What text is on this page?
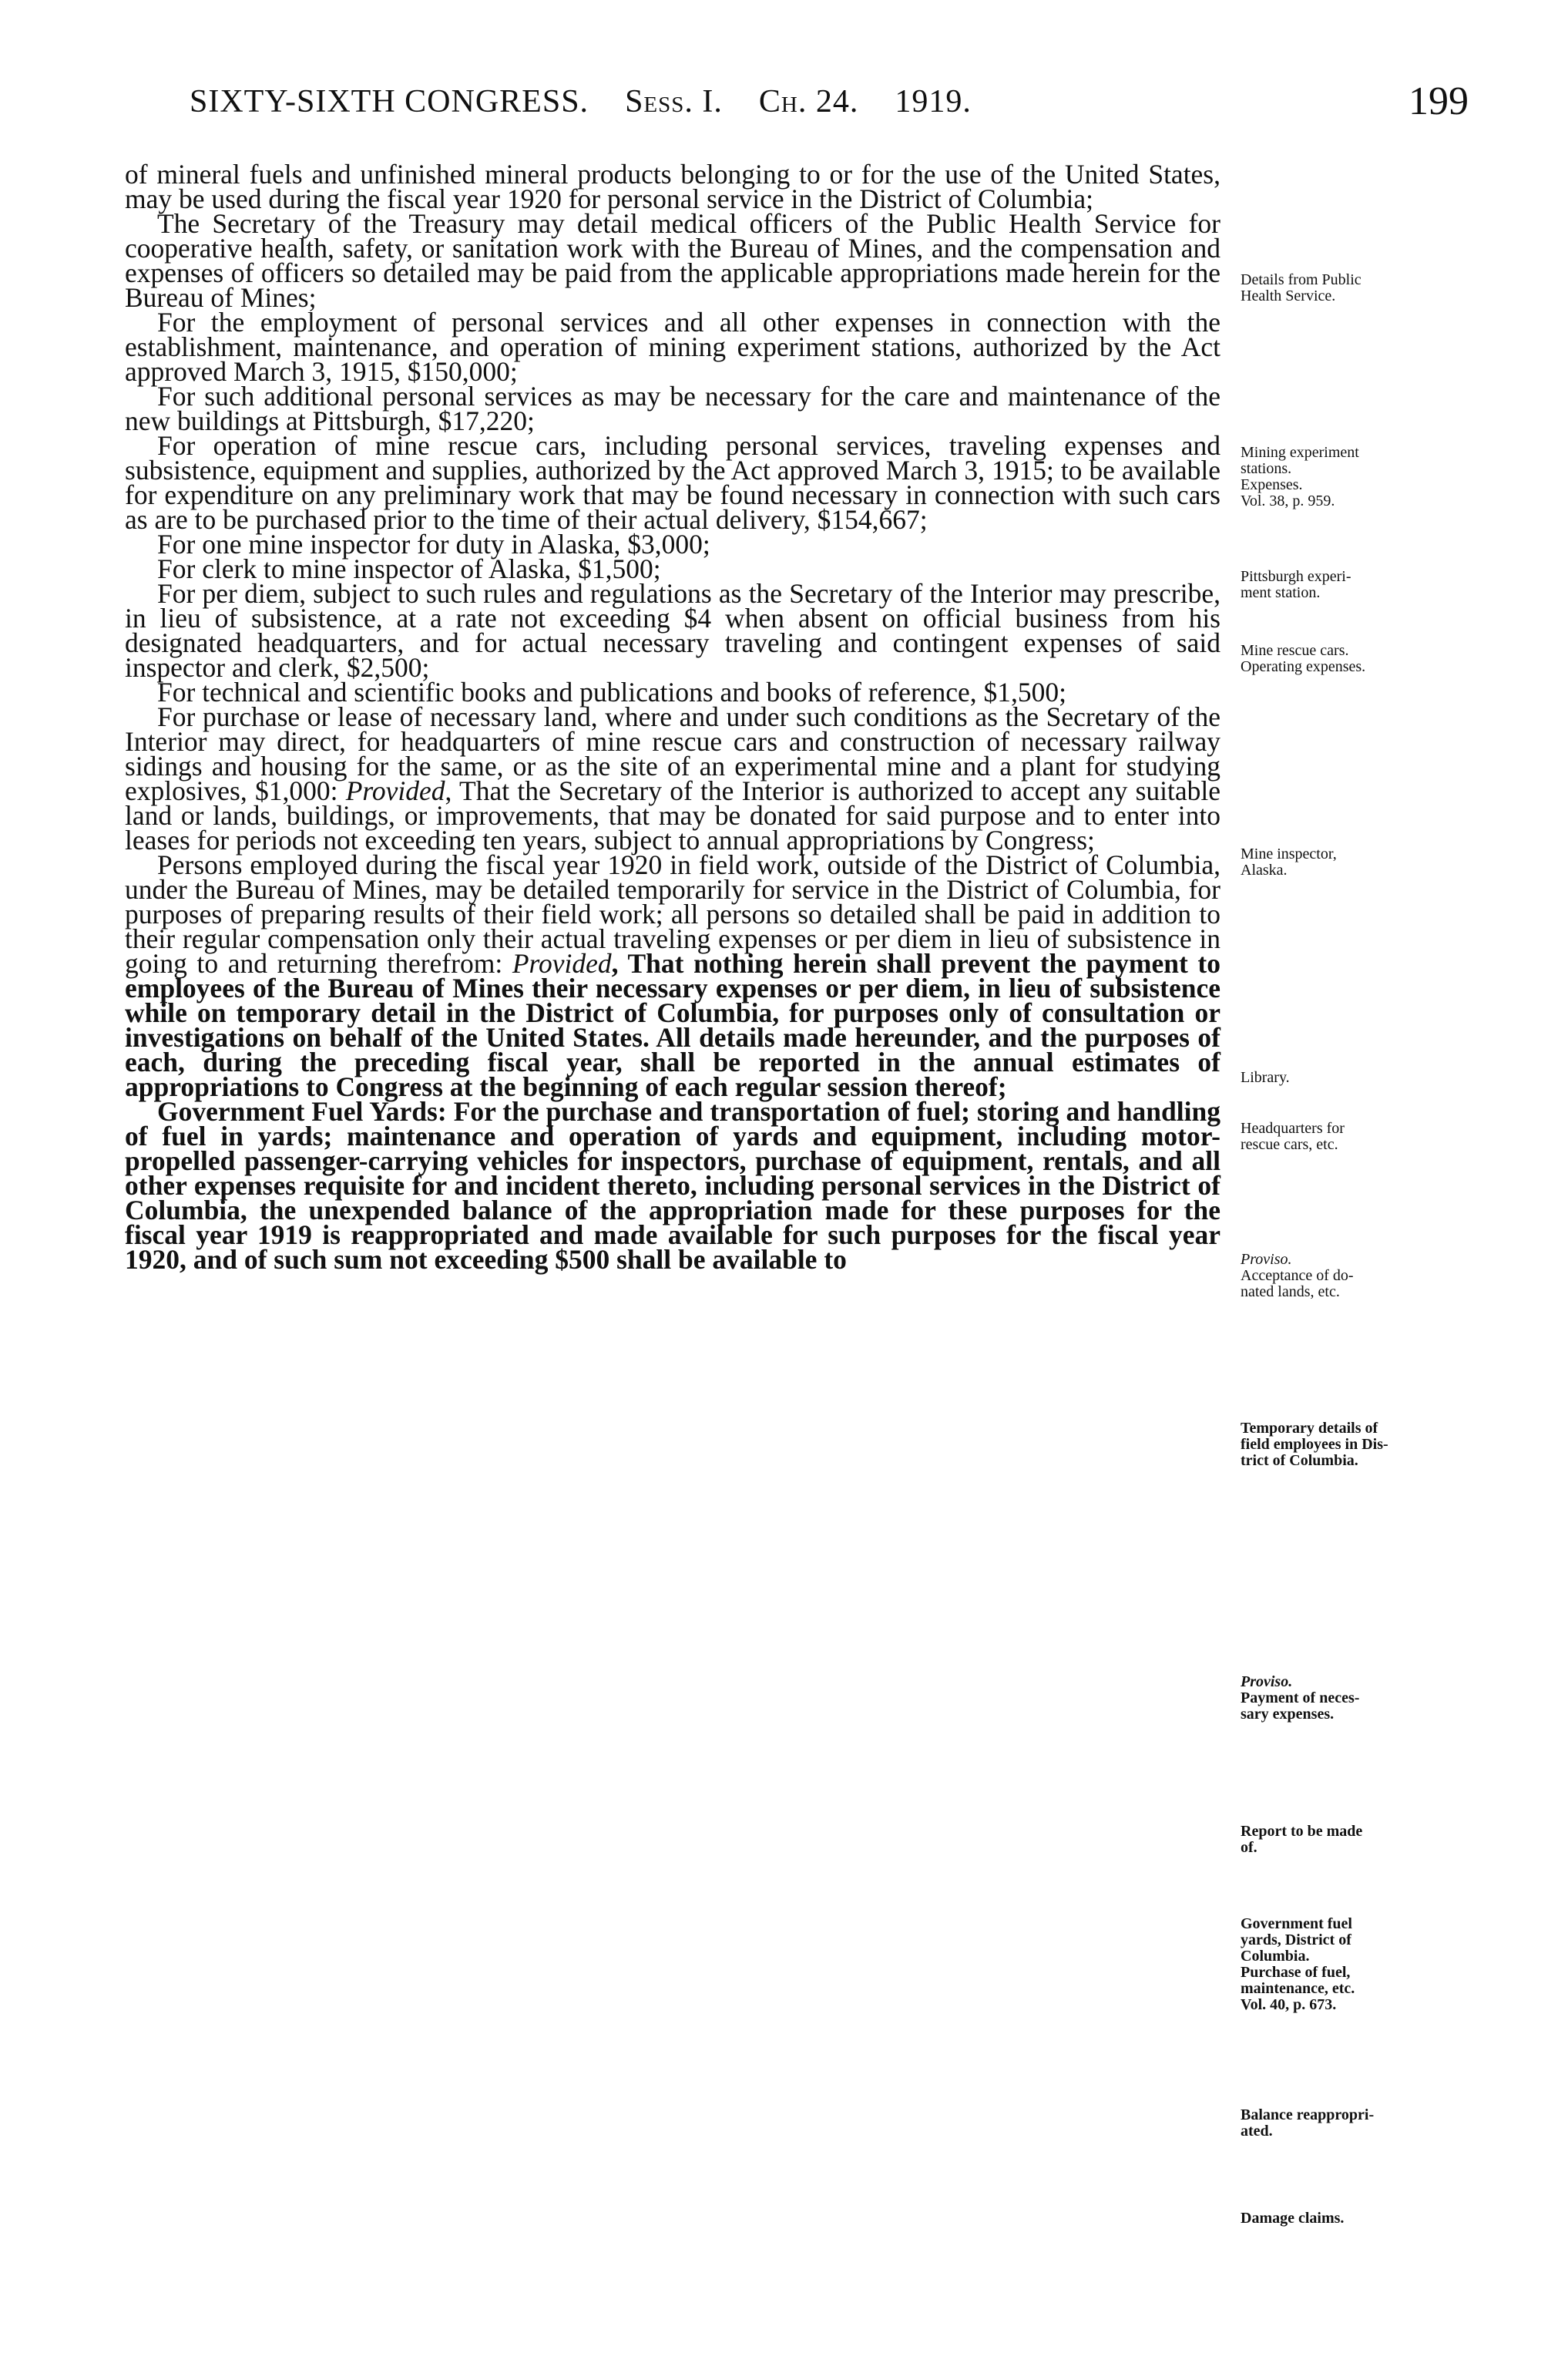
SIXTY-SIXTH CONGRESS. Sess. I. Ch. 24. 1919.	199

of mineral fuels and unfinished mineral products belonging to or for the use of the United States, may be used during the fiscal year 1920 for personal service in the District of Columbia;

The Secretary of the Treasury may detail medical officers of the Public Health Service for cooperative health, safety, or sanitation work with the Bureau of Mines, and the compensation and expenses of officers so detailed may be paid from the applicable appropriations made herein for the Bureau of Mines;

For the employment of personal services and all other expenses in connection with the establishment, maintenance, and operation of mining experiment stations, authorized by the Act approved March 3, 1915, $150,000;

For such additional personal services as may be necessary for the care and maintenance of the new buildings at Pittsburgh, $17,220;

For operation of mine rescue cars, including personal services, traveling expenses and subsistence, equipment and supplies, authorized by the Act approved March 3, 1915; to be available for expenditure on any preliminary work that may be found necessary in connection with such cars as are to be purchased prior to the time of their actual delivery, $154,667;

For one mine inspector for duty in Alaska, $3,000;

For clerk to mine inspector of Alaska, $1,500;

For per diem, subject to such rules and regulations as the Secretary of the Interior may prescribe, in lieu of subsistence, at a rate not exceeding $4 when absent on official business from his designated headquarters, and for actual necessary traveling and contingent expenses of said inspector and clerk, $2,500;

For technical and scientific books and publications and books of reference, $1,500;

For purchase or lease of necessary land, where and under such conditions as the Secretary of the Interior may direct, for headquarters of mine rescue cars and construction of necessary railway sidings and housing for the same, or as the site of an experimental mine and a plant for studying explosives, $1,000: Provided, That the Secretary of the Interior is authorized to accept any suitable land or lands, buildings, or improvements, that may be donated for said purpose and to enter into leases for periods not exceeding ten years, subject to annual appropriations by Congress;

Persons employed during the fiscal year 1920 in field work, outside of the District of Columbia, under the Bureau of Mines, may be detailed temporarily for service in the District of Columbia, for purposes of preparing results of their field work; all persons so detailed shall be paid in addition to their regular compensation only their actual traveling expenses or per diem in lieu of subsistence in going to and returning therefrom: Provided, That nothing herein shall prevent the payment to employees of the Bureau of Mines their necessary expenses or per diem, in lieu of subsistence while on temporary detail in the District of Columbia, for purposes only of consultation or investigations on behalf of the United States. All details made hereunder, and the purposes of each, during the preceding fiscal year, shall be reported in the annual estimates of appropriations to Congress at the beginning of each regular session thereof;

Government Fuel Yards: For the purchase and transportation of fuel; storing and handling of fuel in yards; maintenance and operation of yards and equipment, including motor-propelled passenger-carrying vehicles for inspectors, purchase of equipment, rentals, and all other expenses requisite for and incident thereto, including personal services in the District of Columbia, the unexpended balance of the appropriation made for these purposes for the fiscal year 1919 is reappropriated and made available for such purposes for the fiscal year 1920, and of such sum not exceeding $500 shall be available to

Details from Public
Health Service.
Mining experiment
stations.
Expenses.
Vol. 38, p. 959.
Pittsburgh experi-
ment station.
Mine rescue cars.
Operating expenses.
Mine inspector,
Alaska.
Library.
Headquarters for
rescue cars, etc.
Proviso.
Acceptance of do-
nated lands, etc.
Temporary details of
field employees in Dis-
trict of Columbia.
Proviso.
Payment of neces-
sary expenses.
Report to be made
of.
Government fuel
yards, District of
Columbia.
Purchase of fuel,
maintenance, etc.
Vol. 40, p. 673.
Balance reappropri-
ated.
Damage claims.
